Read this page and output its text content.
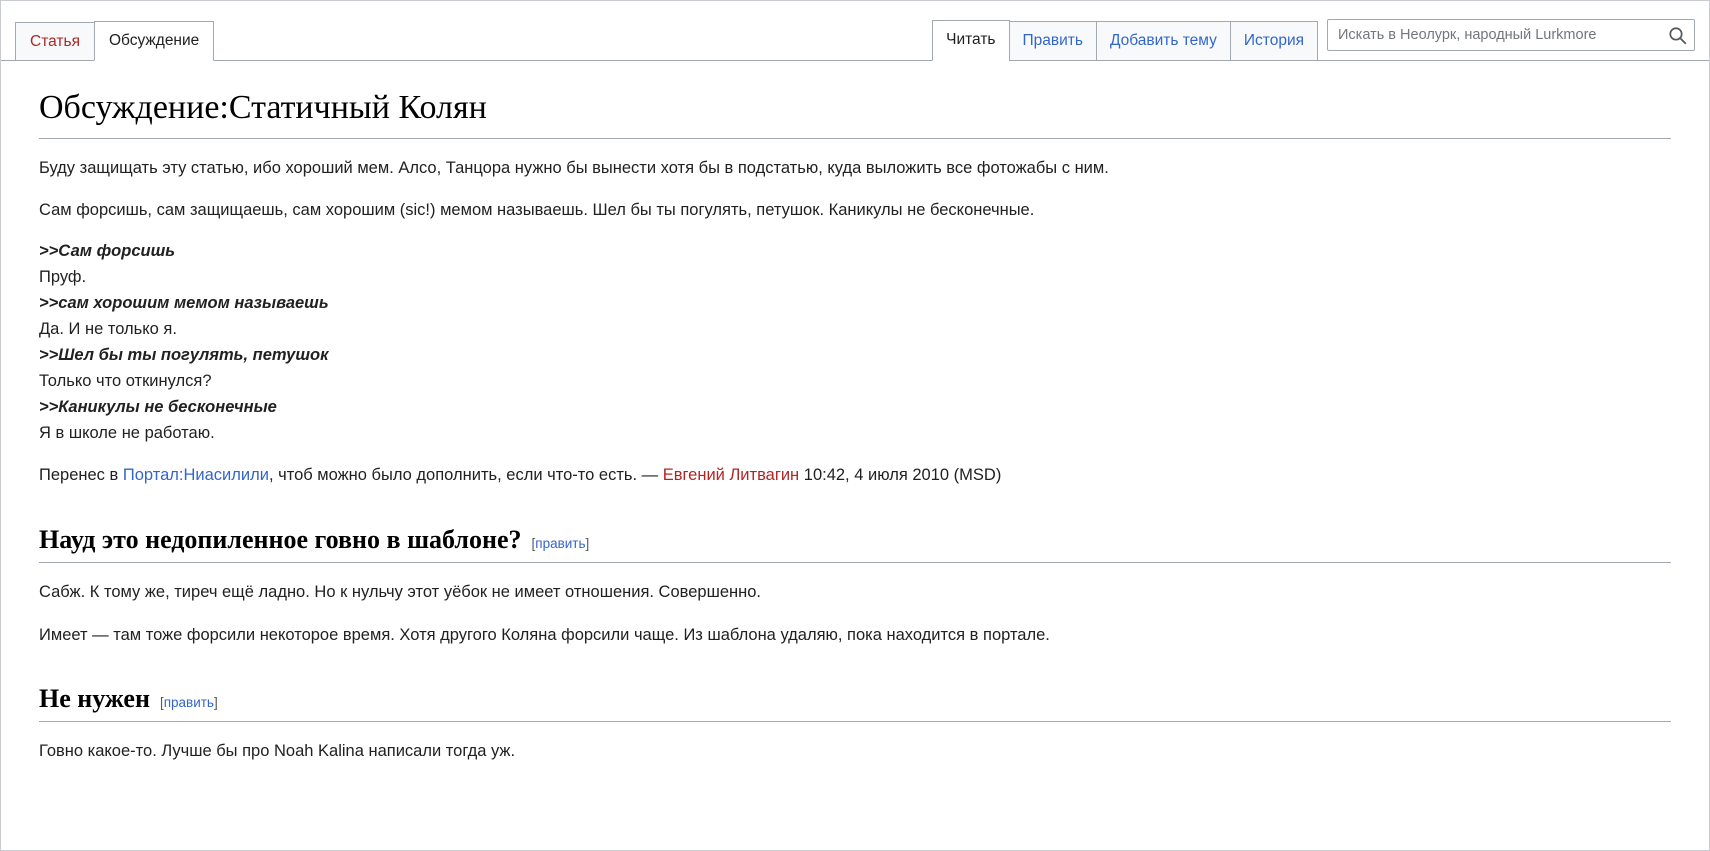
Статья	Обсуждение	Читать	Править	Добавить тему	История
Искать в Неолурк, народный Lurkmore
Обсуждение:Статичный Колян

Буду защищать эту статью, ибо хороший мем. Алсо, Танцора нужно бы вынести хотя бы в подстатью, куда выложить все фотожабы с ним.

Сам форсишь, сам защищаешь, сам хорошим (sic!) мемом называешь. Шел бы ты погулять, петушок. Каникулы не бесконечные.

>>Сам форсишь
Пруф.
>>сам хорошим мемом называешь
Да. И не только я.
>>Шел бы ты погулять, петушок
Только что откинулся?
>>Каникулы не бесконечные
Я в школе не работаю.

Перенес в Портал:Ниасилили, чтоб можно было дополнить, если что-то есть. — Евгений Литвагин 10:42, 4 июля 2010 (MSD)

Науд это недопиленное говно в шаблоне? [править]

Сабж. К тому же, тиреч ещё ладно. Но к нульчу этот уёбок не имеет отношения. Совершенно.

Имеет — там тоже форсили некоторое время. Хотя другого Коляна форсили чаще. Из шаблона удаляю, пока находится в портале.

Не нужен [править]

Говно какое-то. Лучше бы про Noah Kalina написали тогда уж.
